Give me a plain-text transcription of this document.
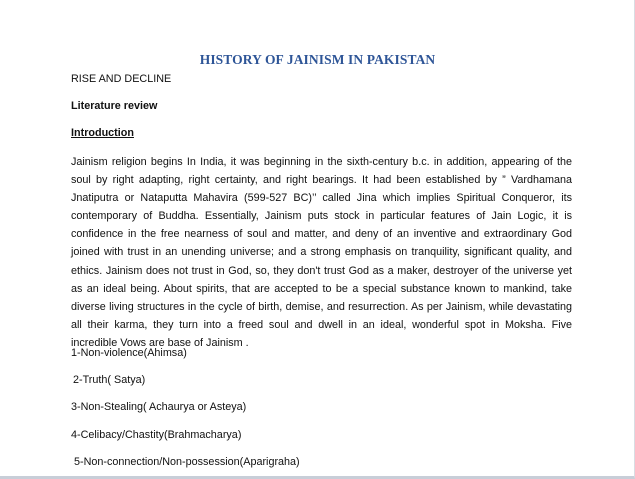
HISTORY OF JAINISM IN PAKISTAN
RISE AND DECLINE
Literature review
Introduction
Jainism religion begins In India, it was beginning in the sixth-century b.c. in addition, appearing of the
soul by right adapting, right certainty, and right bearings. It had been established by ” Vardhamana
Jnatiputra or Nataputta Mahavira (599-527 BC)’’ called Jina which implies Spiritual Conqueror, its
contemporary of Buddha. Essentially, Jainism puts stock in particular features of Jain Logic, it is
confidence in the free nearness of soul and matter, and deny of an inventive and extraordinary God
joined with trust in an unending universe; and a strong emphasis on tranquility, significant quality, and
ethics. Jainism does not trust in God, so, they don't trust God as a maker, destroyer of the universe yet
as an ideal being. About spirits, that are accepted to be a special substance known to mankind, take
diverse living structures in the cycle of birth, demise, and resurrection. As per Jainism, while devastating
all their karma, they turn into a freed soul and dwell in an ideal, wonderful spot in Moksha. Five
incredible Vows are base of Jainism .
1-Non-violence(Ahimsa)
2-Truth( Satya)
3-Non-Stealing( Achaurya or Asteya)
4-Celibacy/Chastity(Brahmacharya)
5-Non-connection/Non-possession(Aparigraha)
